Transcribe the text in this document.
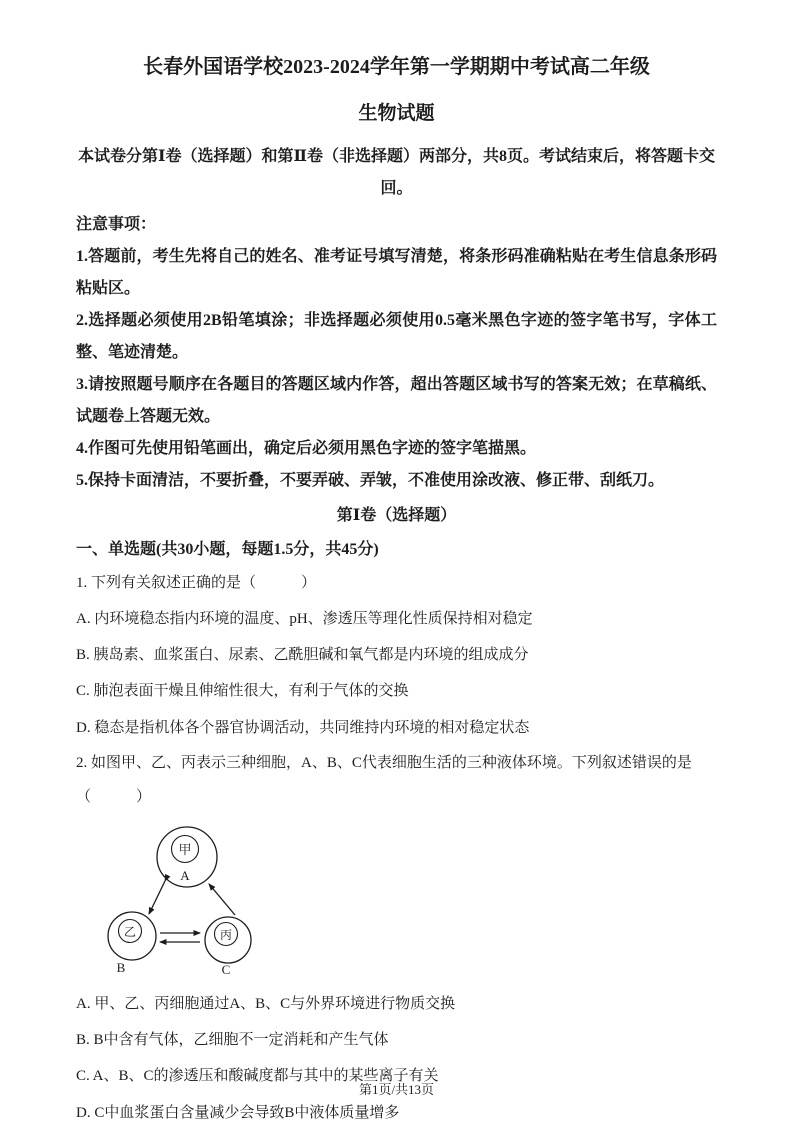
长春外国语学校2023-2024学年第一学期期中考试高二年级
生物试题

本试卷分第Ⅰ卷（选择题）和第Ⅱ卷（非选择题）两部分，共8页。考试结束后，将答题卡交回。

注意事项：

1.答题前，考生先将自己的姓名、准考证号填写清楚，将条形码准确粘贴在考生信息条形码粘贴区。

2.选择题必须使用2B铅笔填涂；非选择题必须使用0.5毫米黑色字迹的签字笔书写，字体工整、笔迹清楚。

3.请按照题号顺序在各题目的答题区域内作答，超出答题区域书写的答案无效；在草稿纸、试题卷上答题无效。

4.作图可先使用铅笔画出，确定后必须用黑色字迹的签字笔描黑。

5.保持卡面清洁，不要折叠，不要弄破、弄皱，不准使用涂改液、修正带、刮纸刀。

第Ⅰ卷（选择题）
一、单选题(共30小题，每题1.5分，共45分)
1. 下列有关叙述正确的是（　　　）
A. 内环境稳态指内环境的温度、pH、渗透压等理化性质保持相对稳定
B. 胰岛素、血浆蛋白、尿素、乙酰胆碱和氧气都是内环境的组成成分
C. 肺泡表面干燥且伸缩性很大，有利于气体的交换
D. 稳态是指机体各个器官协调活动，共同维持内环境的相对稳定状态
2. 如图甲、乙、丙表示三种细胞，A、B、C代表细胞生活的三种液体环境。下列叙述错误的是（　　　）
甲
A
乙
B
丙
C
A. 甲、乙、丙细胞通过A、B、C与外界环境进行物质交换
B. B中含有气体，乙细胞不一定消耗和产生气体
C. A、B、C的渗透压和酸碱度都与其中的某些离子有关
D. C中血浆蛋白含量减少会导致B中液体质量增多
第1页/共13页
